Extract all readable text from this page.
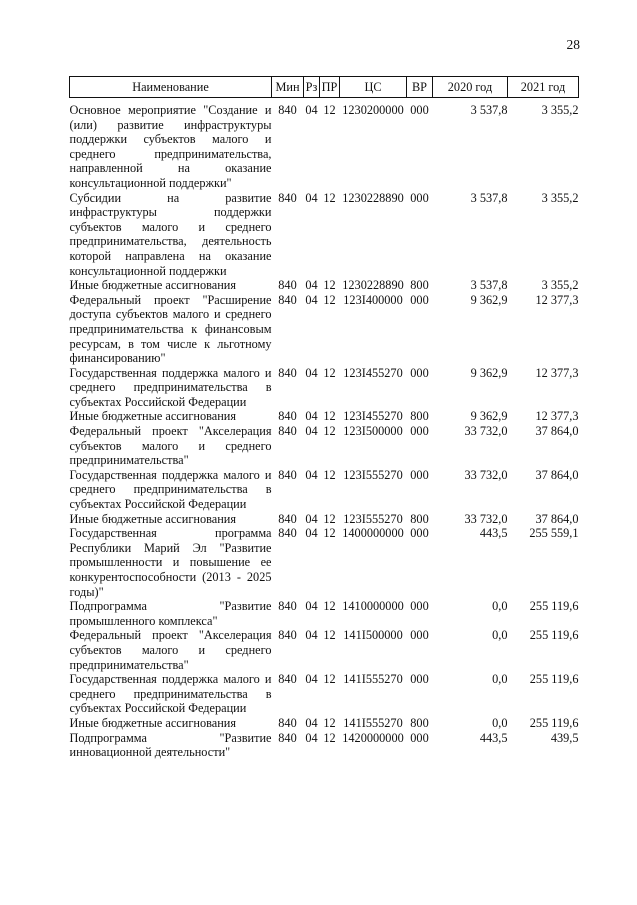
28
Наименование	Мин	Рз	ПР	ЦС	ВР	2020 год	2021 год
Основное мероприятие "Создание и (или) развитие инфраструктуры поддержки субъектов малого и среднего предпринимательства, направленной на оказание консультационной поддержки"	840	04	12	1230200000	000	3 537,8	3 355,2
Субсидии на развитие инфраструктуры поддержки субъектов малого и среднего предпринимательства, деятельность которой направлена на оказание консультационной поддержки	840	04	12	1230228890	000	3 537,8	3 355,2
Иные бюджетные ассигнования	840	04	12	1230228890	800	3 537,8	3 355,2
Федеральный проект "Расширение доступа субъектов малого и среднего предпринимательства к финансовым ресурсам, в том числе к льготному финансированию"	840	04	12	123I400000	000	9 362,9	12 377,3
Государственная поддержка малого и среднего предпринимательства в субъектах Российской Федерации	840	04	12	123I455270	000	9 362,9	12 377,3
Иные бюджетные ассигнования	840	04	12	123I455270	800	9 362,9	12 377,3
Федеральный проект "Акселерация субъектов малого и среднего предпринимательства"	840	04	12	123I500000	000	33 732,0	37 864,0
Государственная поддержка малого и среднего предпринимательства в субъектах Российской Федерации	840	04	12	123I555270	000	33 732,0	37 864,0
Иные бюджетные ассигнования	840	04	12	123I555270	800	33 732,0	37 864,0
Государственная программа Республики Марий Эл "Развитие промышленности и повышение ее конкурентоспособности (2013 - 2025 годы)"	840	04	12	1400000000	000	443,5	255 559,1
Подпрограмма "Развитие промышленного комплекса"	840	04	12	1410000000	000	0,0	255 119,6
Федеральный проект "Акселерация субъектов малого и среднего предпринимательства"	840	04	12	141I500000	000	0,0	255 119,6
Государственная поддержка малого и среднего предпринимательства в субъектах Российской Федерации	840	04	12	141I555270	000	0,0	255 119,6
Иные бюджетные ассигнования	840	04	12	141I555270	800	0,0	255 119,6
Подпрограмма "Развитие инновационной деятельности"	840	04	12	1420000000	000	443,5	439,5
